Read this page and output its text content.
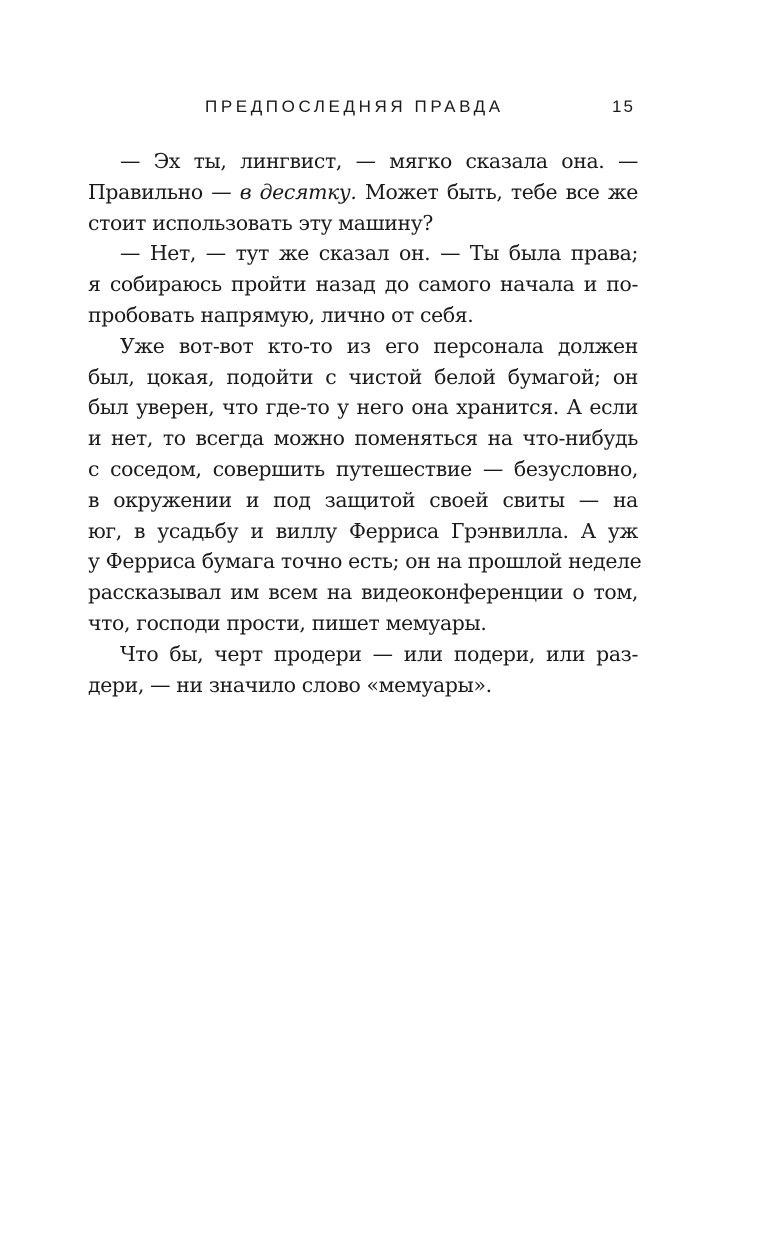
ПРЕДПОСЛЕДНЯЯ ПРАВДА	15
— Эх ты, лингвист, — мягко сказала она. —
Правильно — в десятку. Может быть, тебе все же
стоит использовать эту машину?
— Нет, — тут же сказал он. — Ты была права;
я собираюсь пройти назад до самого начала и по-
пробовать напрямую, лично от себя.
Уже вот-вот кто-то из его персонала должен
был, цокая, подойти с чистой белой бумагой; он
был уверен, что где-то у него она хранится. А если
и нет, то всегда можно поменяться на что-нибудь
с соседом, совершить путешествие — безусловно,
в окружении и под защитой своей свиты — на
юг, в усадьбу и виллу Ферриса Грэнвилла. А уж
у Ферриса бумага точно есть; он на прошлой неделе
рассказывал им всем на видеоконференции о том,
что, господи прости, пишет мемуары.
Что бы, черт продери — или подери, или раз-
дери, — ни значило слово «мемуары».
